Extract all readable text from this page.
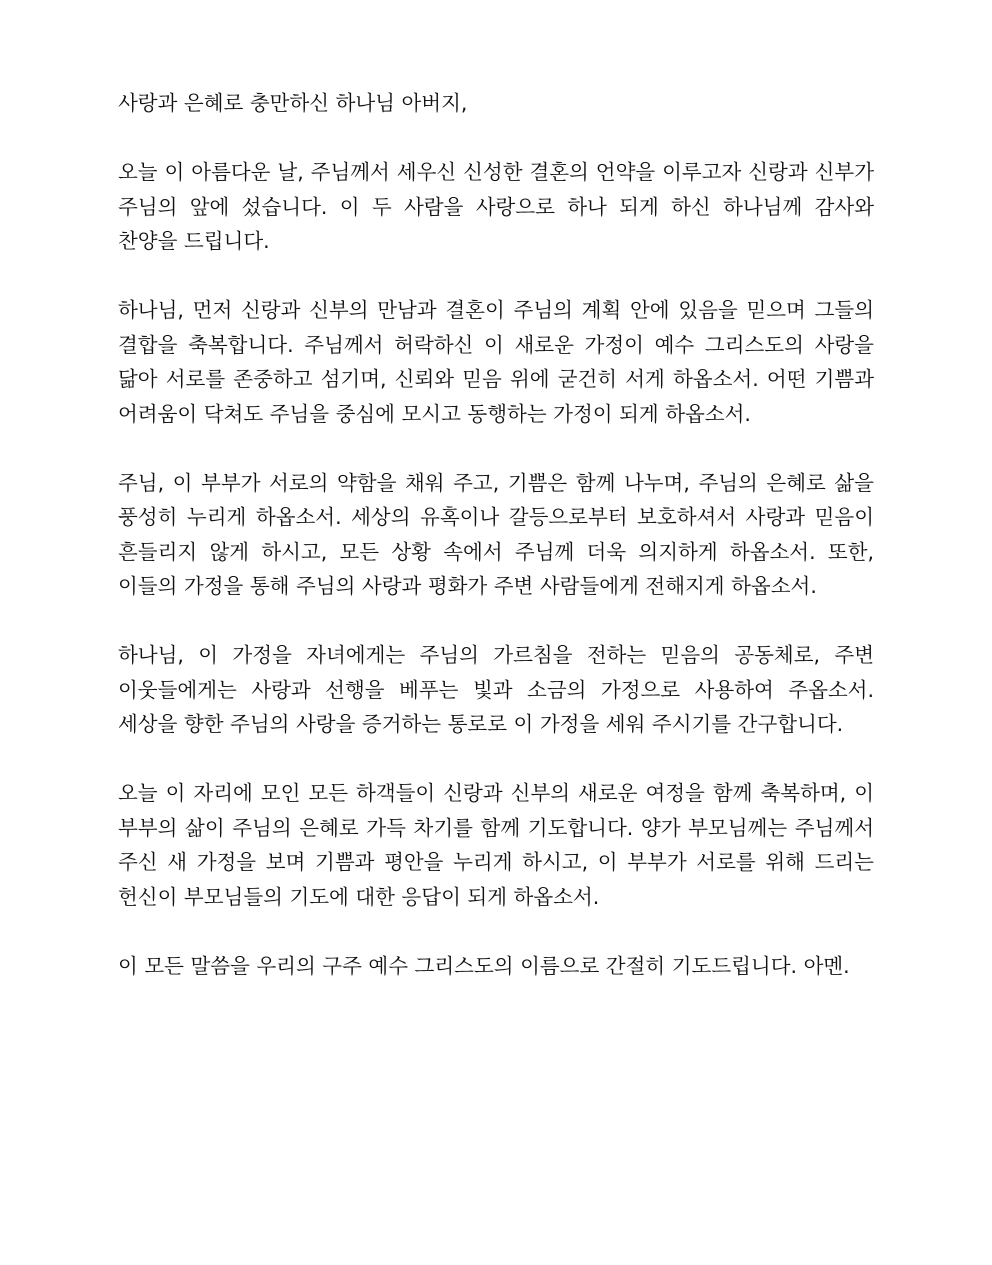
사랑과 은혜로 충만하신 하나님 아버지,

오늘 이 아름다운 날, 주님께서 세우신 신성한 결혼의 언약을 이루고자 신랑과 신부가 주님의 앞에 섰습니다. 이 두 사람을 사랑으로 하나 되게 하신 하나님께 감사와 찬양을 드립니다.

하나님, 먼저 신랑과 신부의 만남과 결혼이 주님의 계획 안에 있음을 믿으며 그들의 결합을 축복합니다. 주님께서 허락하신 이 새로운 가정이 예수 그리스도의 사랑을 닮아 서로를 존중하고 섬기며, 신뢰와 믿음 위에 굳건히 서게 하옵소서. 어떤 기쁨과 어려움이 닥쳐도 주님을 중심에 모시고 동행하는 가정이 되게 하옵소서.

주님, 이 부부가 서로의 약함을 채워 주고, 기쁨은 함께 나누며, 주님의 은혜로 삶을 풍성히 누리게 하옵소서. 세상의 유혹이나 갈등으로부터 보호하셔서 사랑과 믿음이 흔들리지 않게 하시고, 모든 상황 속에서 주님께 더욱 의지하게 하옵소서. 또한, 이들의 가정을 통해 주님의 사랑과 평화가 주변 사람들에게 전해지게 하옵소서.

하나님, 이 가정을 자녀에게는 주님의 가르침을 전하는 믿음의 공동체로, 주변 이웃들에게는 사랑과 선행을 베푸는 빛과 소금의 가정으로 사용하여 주옵소서. 세상을 향한 주님의 사랑을 증거하는 통로로 이 가정을 세워 주시기를 간구합니다.

오늘 이 자리에 모인 모든 하객들이 신랑과 신부의 새로운 여정을 함께 축복하며, 이 부부의 삶이 주님의 은혜로 가득 차기를 함께 기도합니다. 양가 부모님께는 주님께서 주신 새 가정을 보며 기쁨과 평안을 누리게 하시고, 이 부부가 서로를 위해 드리는 헌신이 부모님들의 기도에 대한 응답이 되게 하옵소서.

이 모든 말씀을 우리의 구주 예수 그리스도의 이름으로 간절히 기도드립니다. 아멘.
